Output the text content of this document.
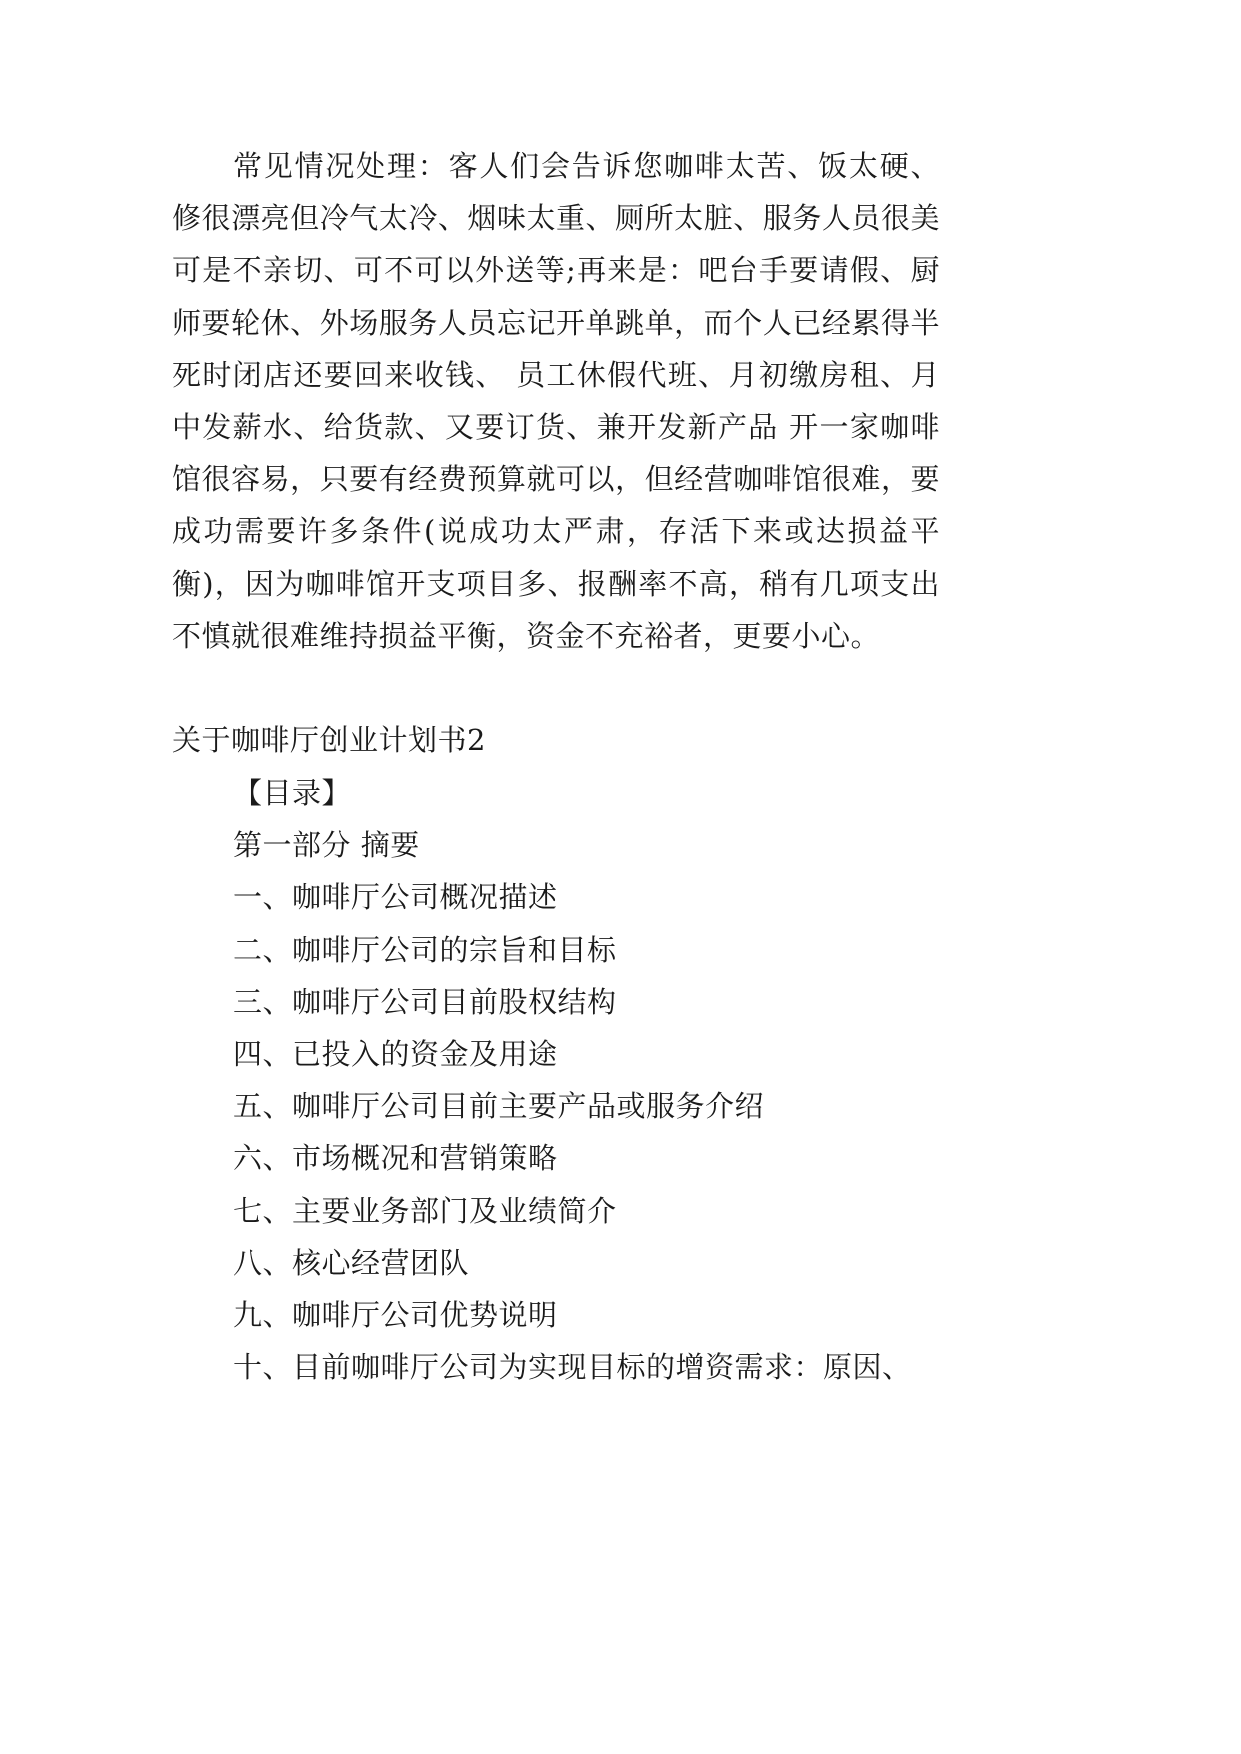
常见情况处理：客人们会告诉您咖啡太苦、饭太硬、
修很漂亮但冷气太冷、烟味太重、厕所太脏、服务人员很美
可是不亲切、可不可以外送等;再来是：吧台手要请假、厨
师要轮休、外场服务人员忘记开单跳单，而个人已经累得半
死时闭店还要回来收钱、 员工休假代班、月初缴房租、月
中发薪水、给货款、又要订货、兼开发新产品 开一家咖啡
馆很容易，只要有经费预算就可以，但经营咖啡馆很难，要
成功需要许多条件(说成功太严肃，存活下来或达损益平
衡)，因为咖啡馆开支项目多、报酬率不高，稍有几项支出
不慎就很难维持损益平衡，资金不充裕者，更要小心。
关于咖啡厅创业计划书2
【目录】
第一部分 摘要
一、咖啡厅公司概况描述
二、咖啡厅公司的宗旨和目标
三、咖啡厅公司目前股权结构
四、已投入的资金及用途
五、咖啡厅公司目前主要产品或服务介绍
六、市场概况和营销策略
七、主要业务部门及业绩简介
八、核心经营团队
九、咖啡厅公司优势说明
十、目前咖啡厅公司为实现目标的增资需求：原因、
